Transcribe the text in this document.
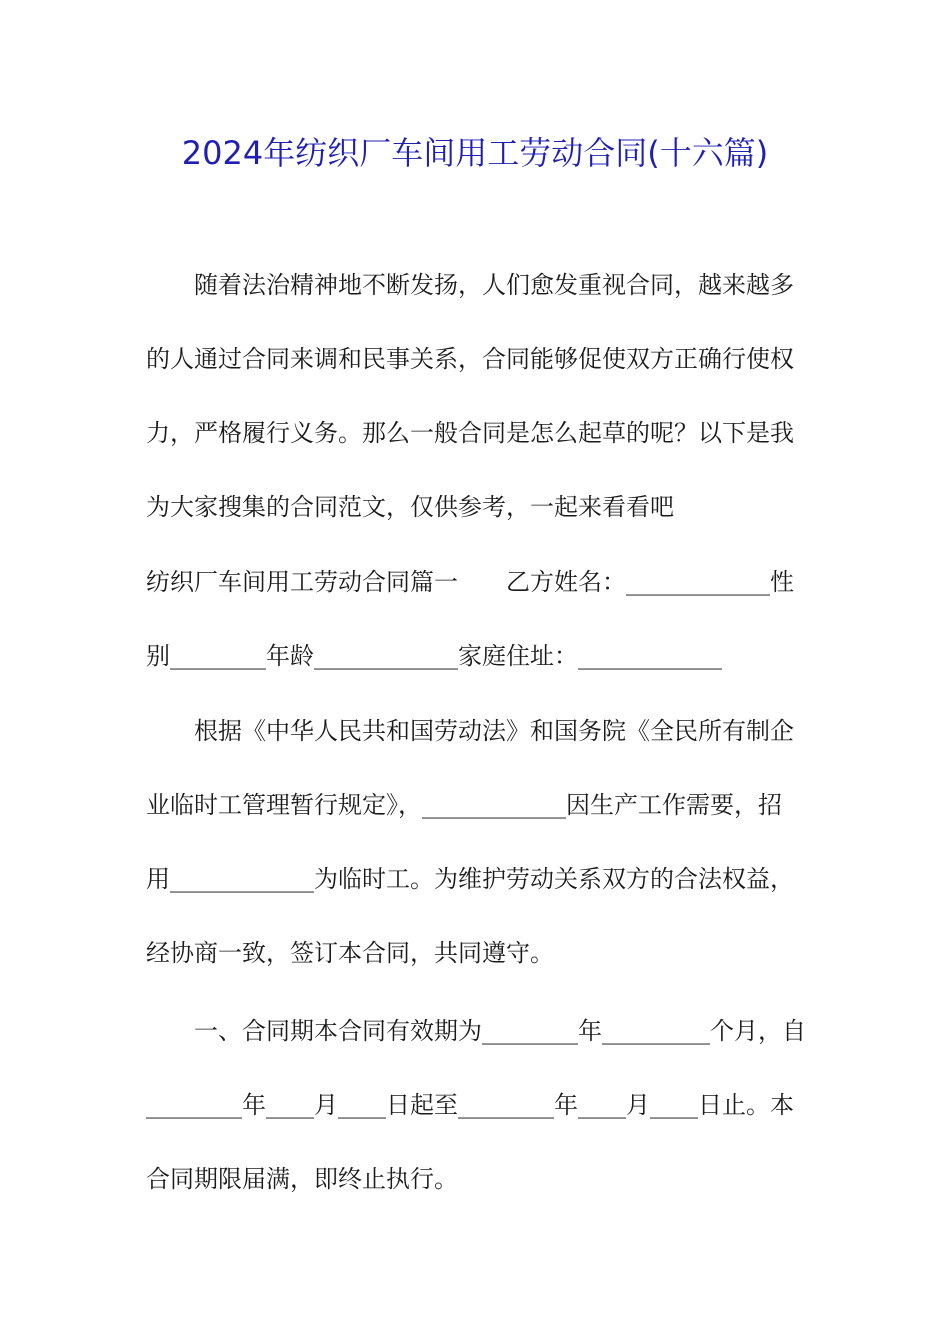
2024年纺织厂车间用工劳动合同(十六篇)
随着法治精神地不断发扬，人们愈发重视合同，越来越多
的人通过合同来调和民事关系，合同能够促使双方正确行使权
力，严格履行义务。那么一般合同是怎么起草的呢？以下是我
为大家搜集的合同范文，仅供参考，一起来看看吧
纺织厂车间用工劳动合同篇一　　乙方姓名：____________性
别________年龄____________家庭住址：____________
根据《中华人民共和国劳动法》和国务院《全民所有制企
业临时工管理暂行规定》，____________因生产工作需要，招
用____________为临时工。为维护劳动关系双方的合法权益，
经协商一致，签订本合同，共同遵守。
一、合同期本合同有效期为________年_________个月，自
________年____月____日起至________年____月____日止。本
合同期限届满，即终止执行。
